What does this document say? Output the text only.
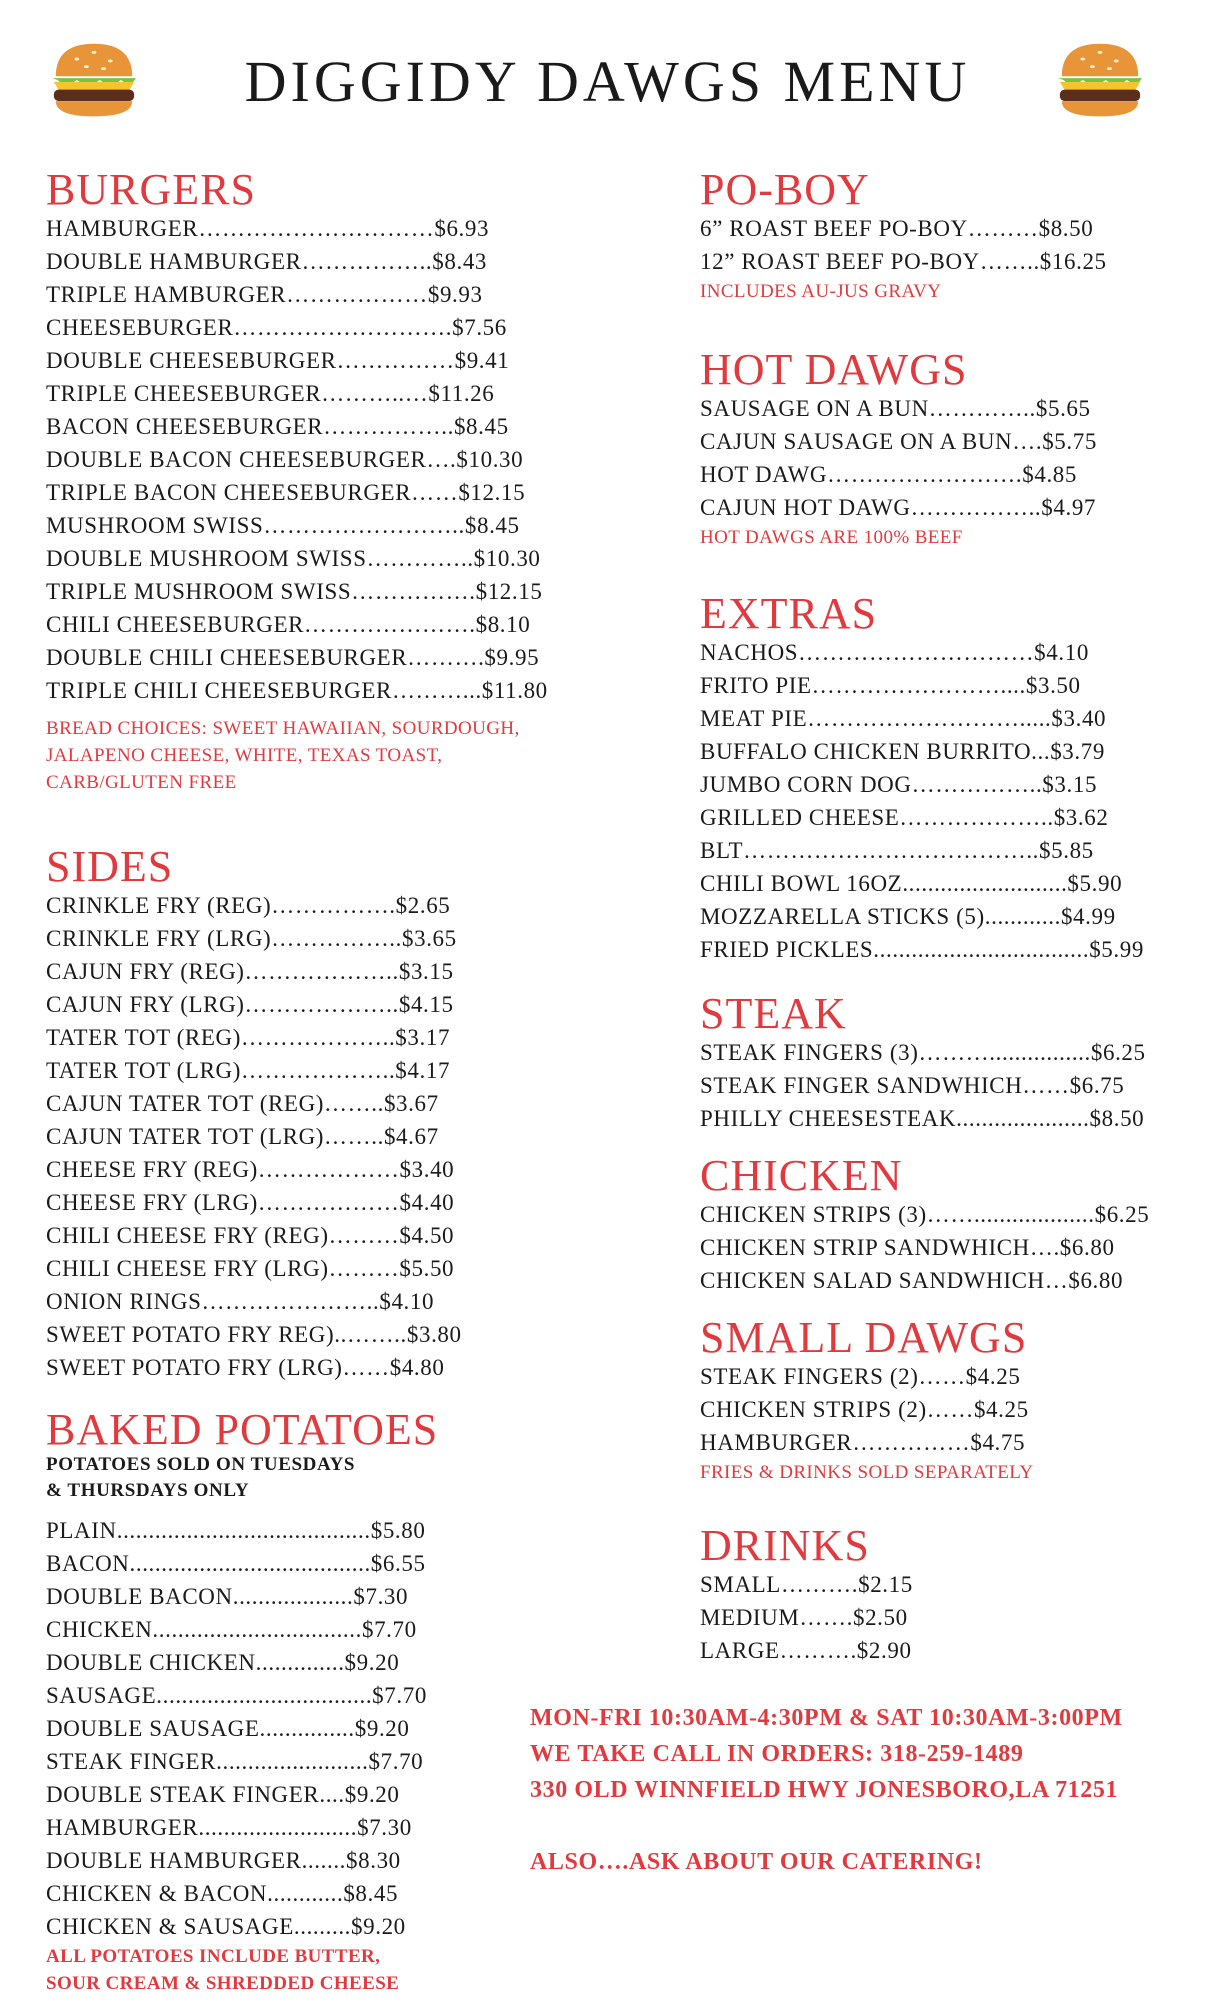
DIGGIDY DAWGS MENU
BURGERS
HAMBURGER…………………………$6.93
DOUBLE HAMBURGER……………..$8.43
TRIPLE HAMBURGER………………$9.93
CHEESEBURGER……………………….$7.56
DOUBLE CHEESEBURGER……………$9.41
TRIPLE CHEESEBURGER………..…$11.26
BACON CHEESEBURGER……………..$8.45
DOUBLE BACON CHEESEBURGER….$10.30
TRIPLE BACON CHEESEBURGER……$12.15
MUSHROOM SWISS……………………..$8.45
DOUBLE MUSHROOM SWISS…………..$10.30
TRIPLE MUSHROOM SWISS…………….$12.15
CHILI CHEESEBURGER………………….$8.10
DOUBLE CHILI CHEESEBURGER……….$9.95
TRIPLE CHILI CHEESEBURGER………...$11.80
BREAD CHOICES: SWEET HAWAIIAN, SOURDOUGH,
JALAPENO CHEESE, WHITE, TEXAS TOAST,
CARB/GLUTEN FREE
SIDES
CRINKLE FRY (REG)…………….$2.65
CRINKLE FRY (LRG)……………..$3.65
CAJUN FRY (REG)………………..$3.15
CAJUN FRY (LRG)………………..$4.15
TATER TOT (REG)………………..$3.17
TATER TOT (LRG)………………..$4.17
CAJUN TATER TOT (REG)……..$3.67
CAJUN TATER TOT (LRG)……..$4.67
CHEESE FRY (REG)………………$3.40
CHEESE FRY (LRG)………………$4.40
CHILI CHEESE FRY (REG)………$4.50
CHILI CHEESE FRY (LRG)………$5.50
ONION RINGS…………………..$4.10
SWEET POTATO FRY REG)..……..$3.80
SWEET POTATO FRY (LRG)……$4.80
BAKED POTATOES
POTATOES SOLD ON TUESDAYS
& THURSDAYS ONLY
PLAIN........................................$5.80
BACON......................................$6.55
DOUBLE BACON...................$7.30
CHICKEN.................................$7.70
DOUBLE CHICKEN..............$9.20
SAUSAGE..................................$7.70
DOUBLE SAUSAGE...............$9.20
STEAK FINGER........................$7.70
DOUBLE STEAK FINGER....$9.20
HAMBURGER.........................$7.30
DOUBLE HAMBURGER.......$8.30
CHICKEN & BACON............$8.45
CHICKEN & SAUSAGE.........$9.20
ALL POTATOES INCLUDE BUTTER,
SOUR CREAM & SHREDDED CHEESE
PO-BOY
6” ROAST BEEF PO-BOY………$8.50
12” ROAST BEEF PO-BOY……..$16.25
INCLUDES AU-JUS GRAVY
HOT DAWGS
SAUSAGE ON A BUN…………..$5.65
CAJUN SAUSAGE ON A BUN….$5.75
HOT DAWG…………………….$4.85
CAJUN HOT DAWG……………..$4.97
HOT DAWGS ARE 100% BEEF
EXTRAS
NACHOS…………………………$4.10
FRITO PIE……………………....$3.50
MEAT PIE……………………….....$3.40
BUFFALO CHICKEN BURRITO...$3.79
JUMBO CORN DOG……………..$3.15
GRILLED CHEESE………………..$3.62
BLT………………………………..$5.85
CHILI BOWL 16OZ..........................$5.90
MOZZARELLA STICKS (5)............$4.99
FRIED PICKLES..................................$5.99
STEAK
STEAK FINGERS (3)………................$6.25
STEAK FINGER SANDWHICH……$6.75
PHILLY CHEESESTEAK.....................$8.50
CHICKEN
CHICKEN STRIPS (3)……...................$6.25
CHICKEN STRIP SANDWHICH….$6.80
CHICKEN SALAD SANDWHICH…$6.80
SMALL DAWGS
STEAK FINGERS (2)……$4.25
CHICKEN STRIPS (2)……$4.25
HAMBURGER……………$4.75
FRIES & DRINKS SOLD SEPARATELY
DRINKS
SMALL……….$2.15
MEDIUM…….$2.50
LARGE……….$2.90
MON-FRI 10:30AM-4:30PM & SAT 10:30AM-3:00PM
WE TAKE CALL IN ORDERS: 318-259-1489
330 OLD WINNFIELD HWY JONESBORO,LA 71251
ALSO….ASK ABOUT OUR CATERING!
